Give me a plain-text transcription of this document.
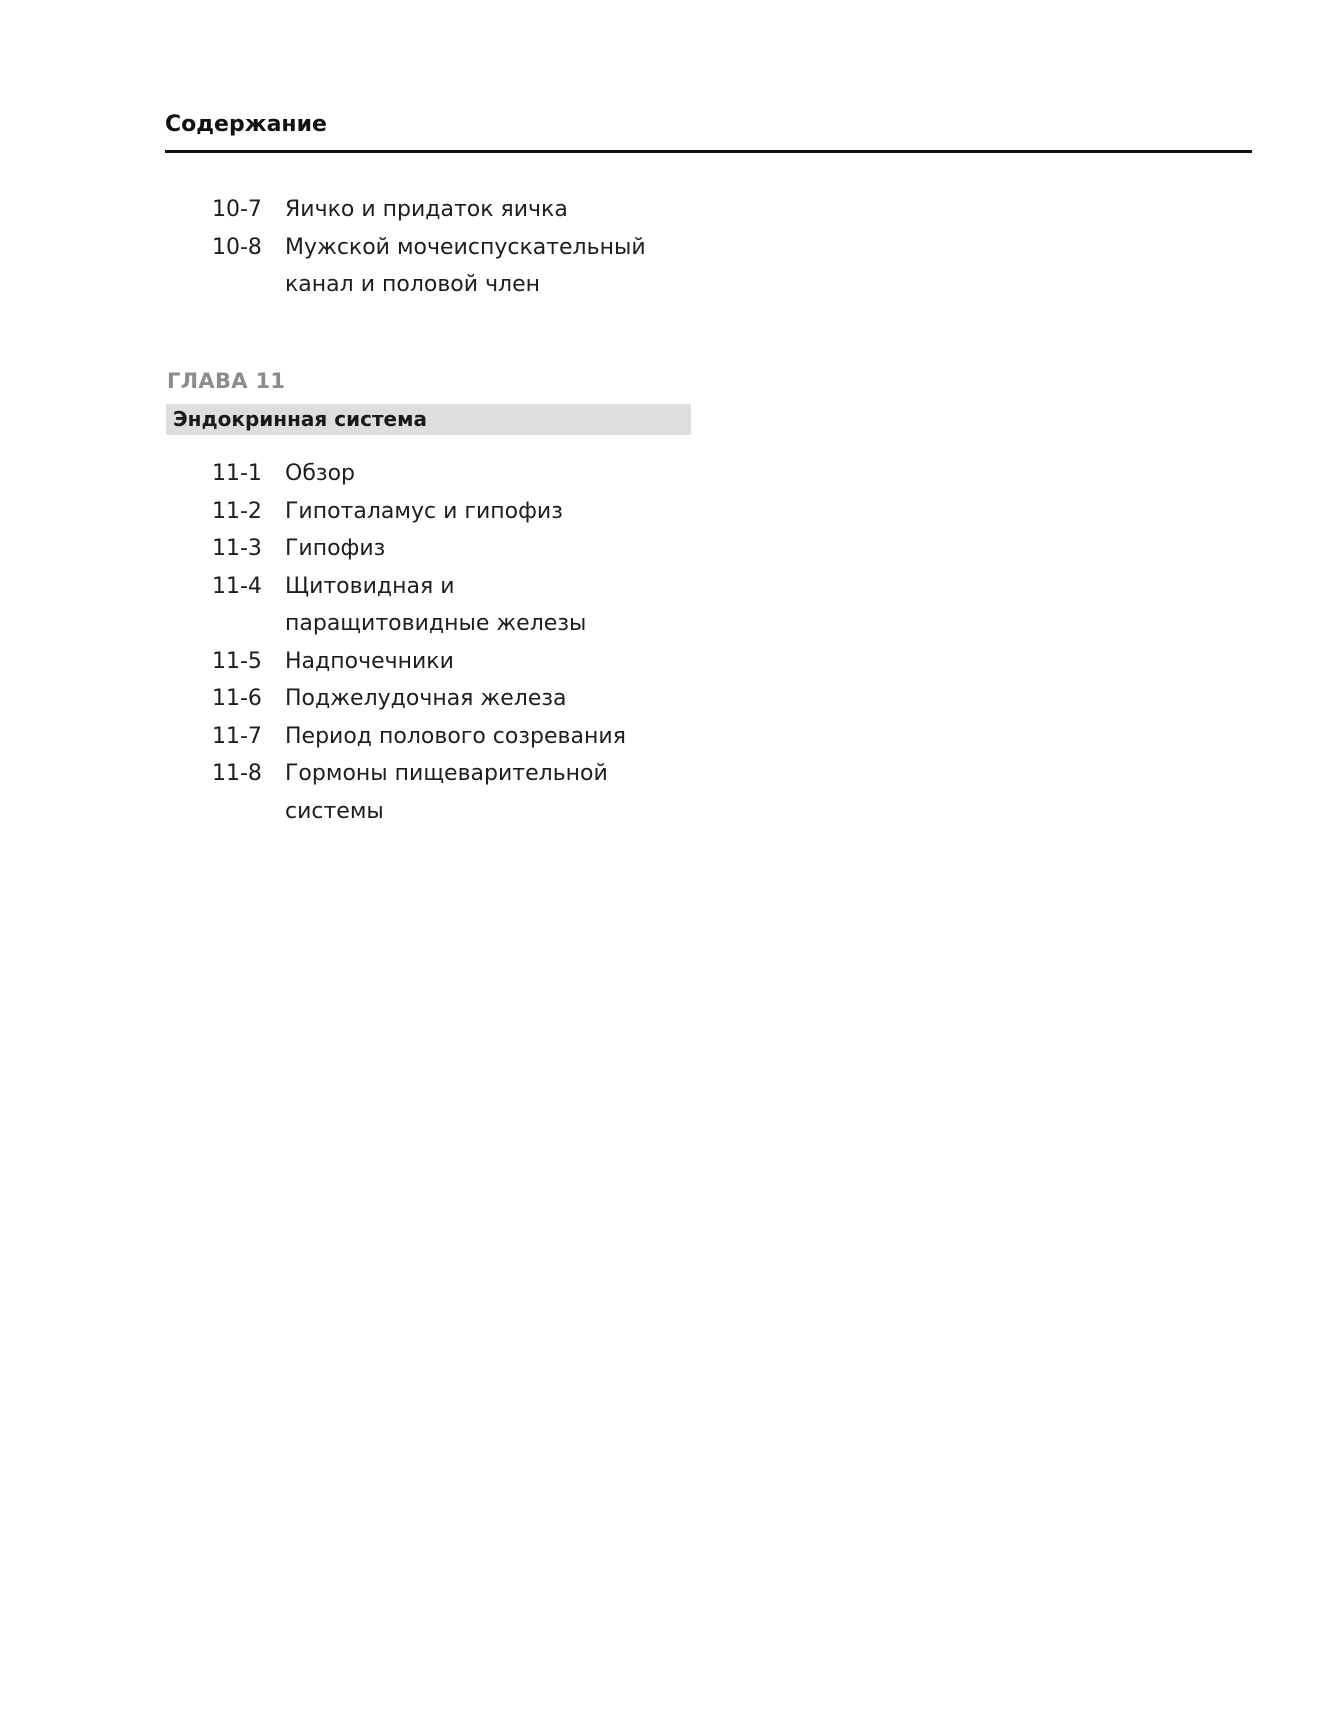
Содержание
10-7	Яичко и придаток яичка
10-8	Мужской мочеиспускательный канал и половой член
ГЛАВА 11
Эндокринная система
11-1	Обзор
11-2	Гипоталамус и гипофиз
11-3	Гипофиз
11-4	Щитовидная и паращитовидные железы
11-5	Надпочечники
11-6	Поджелудочная железа
11-7	Период полового созревания
11-8	Гормоны пищеварительной системы
